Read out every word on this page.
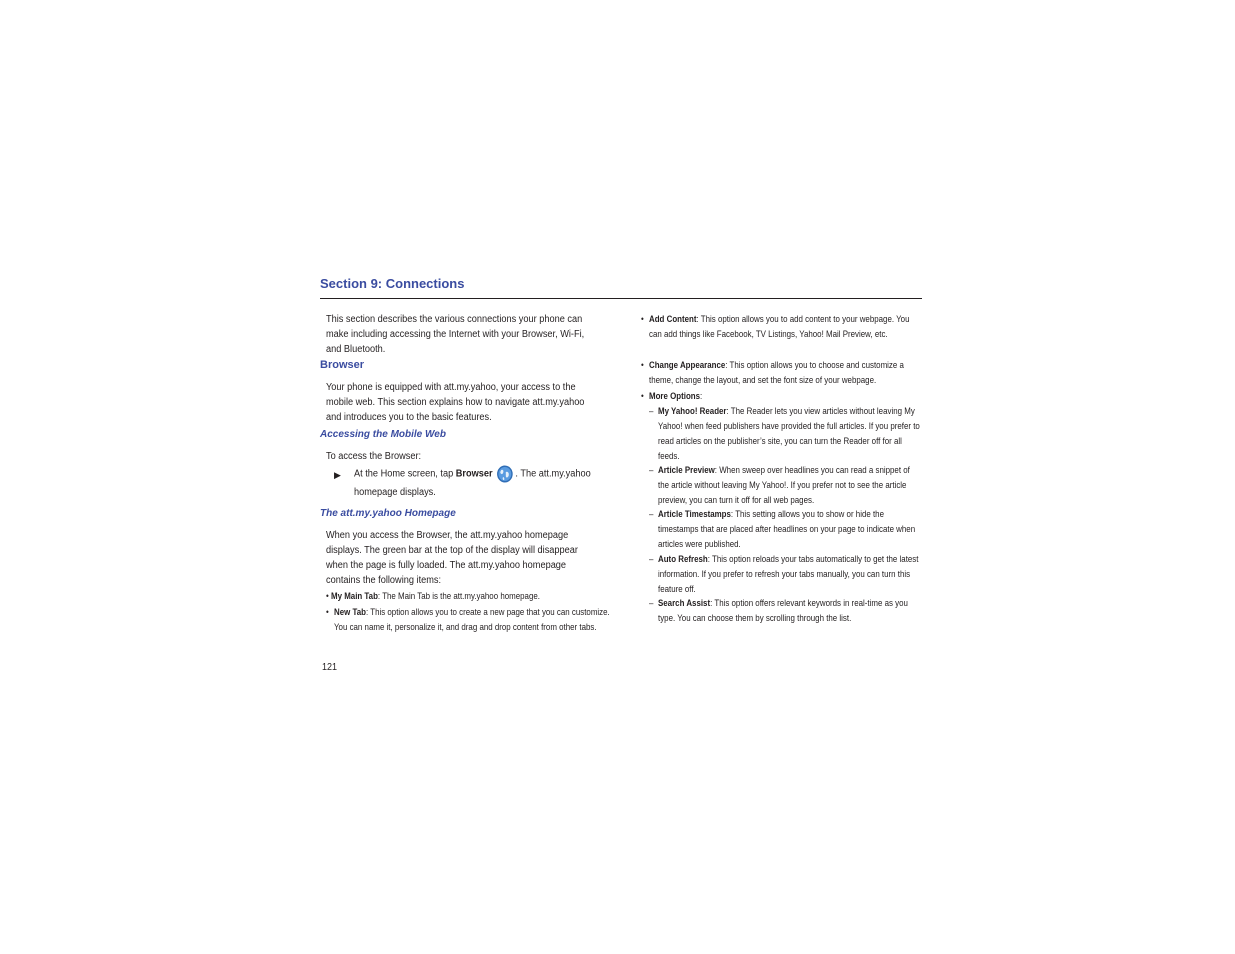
Section 9: Connections
This section describes the various connections your phone can make including accessing the Internet with your Browser, Wi-Fi, and Bluetooth.
Browser
Your phone is equipped with att.my.yahoo, your access to the mobile web. This section explains how to navigate att.my.yahoo and introduces you to the basic features.
Accessing the Mobile Web
To access the Browser:
▶ At the Home screen, tap Browser . The att.my.yahoo
homepage displays.
The att.my.yahoo Homepage
When you access the Browser, the att.my.yahoo homepage displays. The green bar at the top of the display will disappear when the page is fully loaded. The att.my.yahoo homepage contains the following items:
• My Main Tab: The Main Tab is the att.my.yahoo homepage.
• New Tab: This option allows you to create a new page that you can customize. You can name it, personalize it, and drag and drop content from other tabs.
121
• Add Content: This option allows you to add content to your webpage. You can add things like Facebook, TV Listings, Yahoo! Mail Preview, etc.
• Change Appearance: This option allows you to choose and customize a theme, change the layout, and set the font size of your webpage.
• More Options:
– My Yahoo! Reader: The Reader lets you view articles without leaving My Yahoo! when feed publishers have provided the full articles. If you prefer to read articles on the publisher’s site, you can turn the Reader off for all feeds.
– Article Preview: When sweep over headlines you can read a snippet of the article without leaving My Yahoo!. If you prefer not to see the article preview, you can turn it off for all web pages.
– Article Timestamps: This setting allows you to show or hide the timestamps that are placed after headlines on your page to indicate when articles were published.
– Auto Refresh: This option reloads your tabs automatically to get the latest information. If you prefer to refresh your tabs manually, you can turn this feature off.
– Search Assist: This option offers relevant keywords in real-time as you type. You can choose them by scrolling through the list.
